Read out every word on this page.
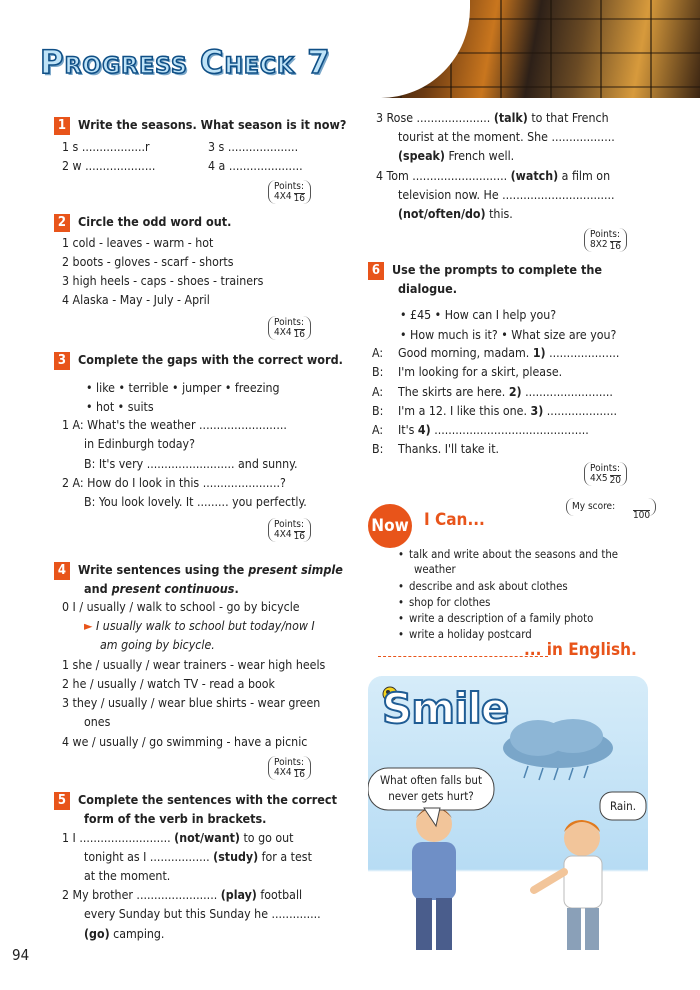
Progress Check 7
1 Write the seasons. What season is it now?
1 s ..................r	3 s ....................
2 w ....................	4 a .....................
Points:
4X4
16
2 Circle the odd word out.
1 cold - leaves - warm - hot
2 boots - gloves - scarf - shorts
3 high heels - caps - shoes - trainers
4 Alaska - May - July - April
Points:
4X4
16
3 Complete the gaps with the correct word.
• like • terrible • jumper • freezing
• hot • suits
1 A: What's the weather .........................
in Edinburgh today?
B: It's very ......................... and sunny.
2 A: How do I look in this ......................?
B: You look lovely. It ......... you perfectly.
Points:
4X4
16
4 Write sentences using the present simple
and present continuous.
0 I / usually / walk to school - go by bicycle
► I usually walk to school but today/now I
am going by bicycle.
1 she / usually / wear trainers - wear high heels
2 he / usually / watch TV - read a book
3 they / usually / wear blue shirts - wear green
ones
4 we / usually / go swimming - have a picnic
Points:
4X4
16
5 Complete the sentences with the correct
form of the verb in brackets.
1 I .......................... (not/want) to go out
tonight as I ................. (study) for a test
at the moment.
2 My brother ....................... (play) football
every Sunday but this Sunday he ..............
(go) camping.
3 Rose ..................... (talk) to that French
tourist at the moment. She ..................
(speak) French well.
4 Tom ........................... (watch) a film on
television now. He ................................
(not/often/do) this.
Points:
8X2
16
6 Use the prompts to complete the
dialogue.
• £45 • How can I help you?
• How much is it? • What size are you?
A: Good morning, madam. 1) ....................
B: I'm looking for a skirt, please.
A: The skirts are here. 2) .........................
B: I'm a 12. I like this one. 3) ....................
A: It's 4) ............................................
B: Thanks. I'll take it.
Points:
4X5
20
My score:

100
Now I Can...
• talk and write about the seasons and the
weather
• describe and ask about clothes
• shop for clothes
• write a description of a family photo
• write a holiday postcard
... in English.
Smile
What often falls but never gets hurt?
Rain.
94
